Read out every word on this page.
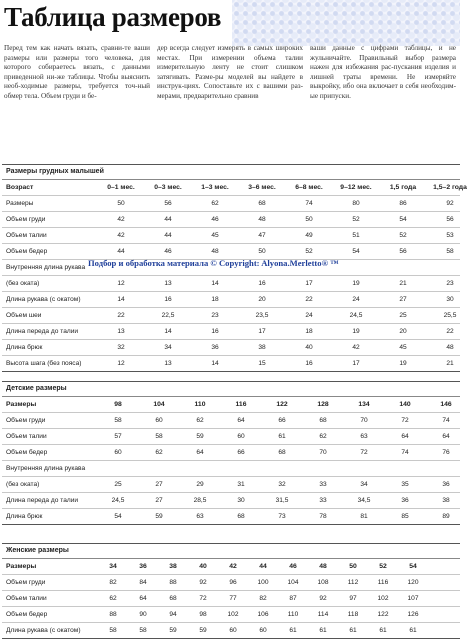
Таблица размеров

Перед тем как начать вязать, сравни-те ваши размеры или размеры того человека, для которого собираетесь вязать, с данными приведенной ни-же таблицы. Чтобы выяснить необ-ходимые размеры, требуется точ-ный обмер тела. Объем груди и бе-

дер всегда следует измерять в самых широких местах. При измерении объема талии измерительную ленту не стоит слишком затягивать. Разме-ры моделей вы найдете в инструк-циях. Сопоставьте их с вашими раз-мерами, предварительно сравнив

ваши данные с цифрами таблицы, и не жульничайте. Правильный выбор размера нажен для избежания рас-пускания изделия и лишней траты времени. Не измеряйте выкройку, ибо она включает в себя необходим-ые припуски.

Размеры грудных малышей
Возраст	0–1 мес.	0–3 мес.	1–3 мес.	3–6 мес.	6–8 мес.	9–12 мес.	1,5 года	1,5–2 года
Размеры	50	56	62	68	74	80	86	92
Объем груди	42	44	46	48	50	52	54	56
Объем талии	42	44	45	47	49	51	52	53
Объем бедер	44	46	48	50	52	54	56	58
Внутренняя длина рукава
(без оката)	12	13	14	16	17	19	21	23
Длина рукава (с окатом)	14	16	18	20	22	24	27	30
Объем шеи	22	22,5	23	23,5	24	24,5	25	25,5
Длина переда до талии	13	14	16	17	18	19	20	22
Длина брюк	32	34	36	38	40	42	45	48
Высота шага (без пояса)	12	13	14	15	16	17	19	21
Детские размеры
Размеры	98	104	110	116	122	128	134	140	146
Объем груди	58	60	62	64	66	68	70	72	74
Объем талии	57	58	59	60	61	62	63	64	64
Объем бедер	60	62	64	66	68	70	72	74	76
Внутренняя длина рукава
(без оката)	25	27	29	31	32	33	34	35	36
Длина переда до талии	24,5	27	28,5	30	31,5	33	34,5	36	38
Длина брюк	54	59	63	68	73	78	81	85	89
Женские размеры
Размеры	34	36	38	40	42	44	46	48	50	52	54
Объем груди	82	84	88	92	96	100	104	108	112	116	120
Объем талии	62	64	68	72	77	82	87	92	97	102	107
Объем бедер	88	90	94	98	102	106	110	114	118	122	126
Длина рукава (с окатом)	58	58	59	59	60	60	61	61	61	61	61

Подбор и обработка материала © Copyright: Alyona.Merletto® ™
